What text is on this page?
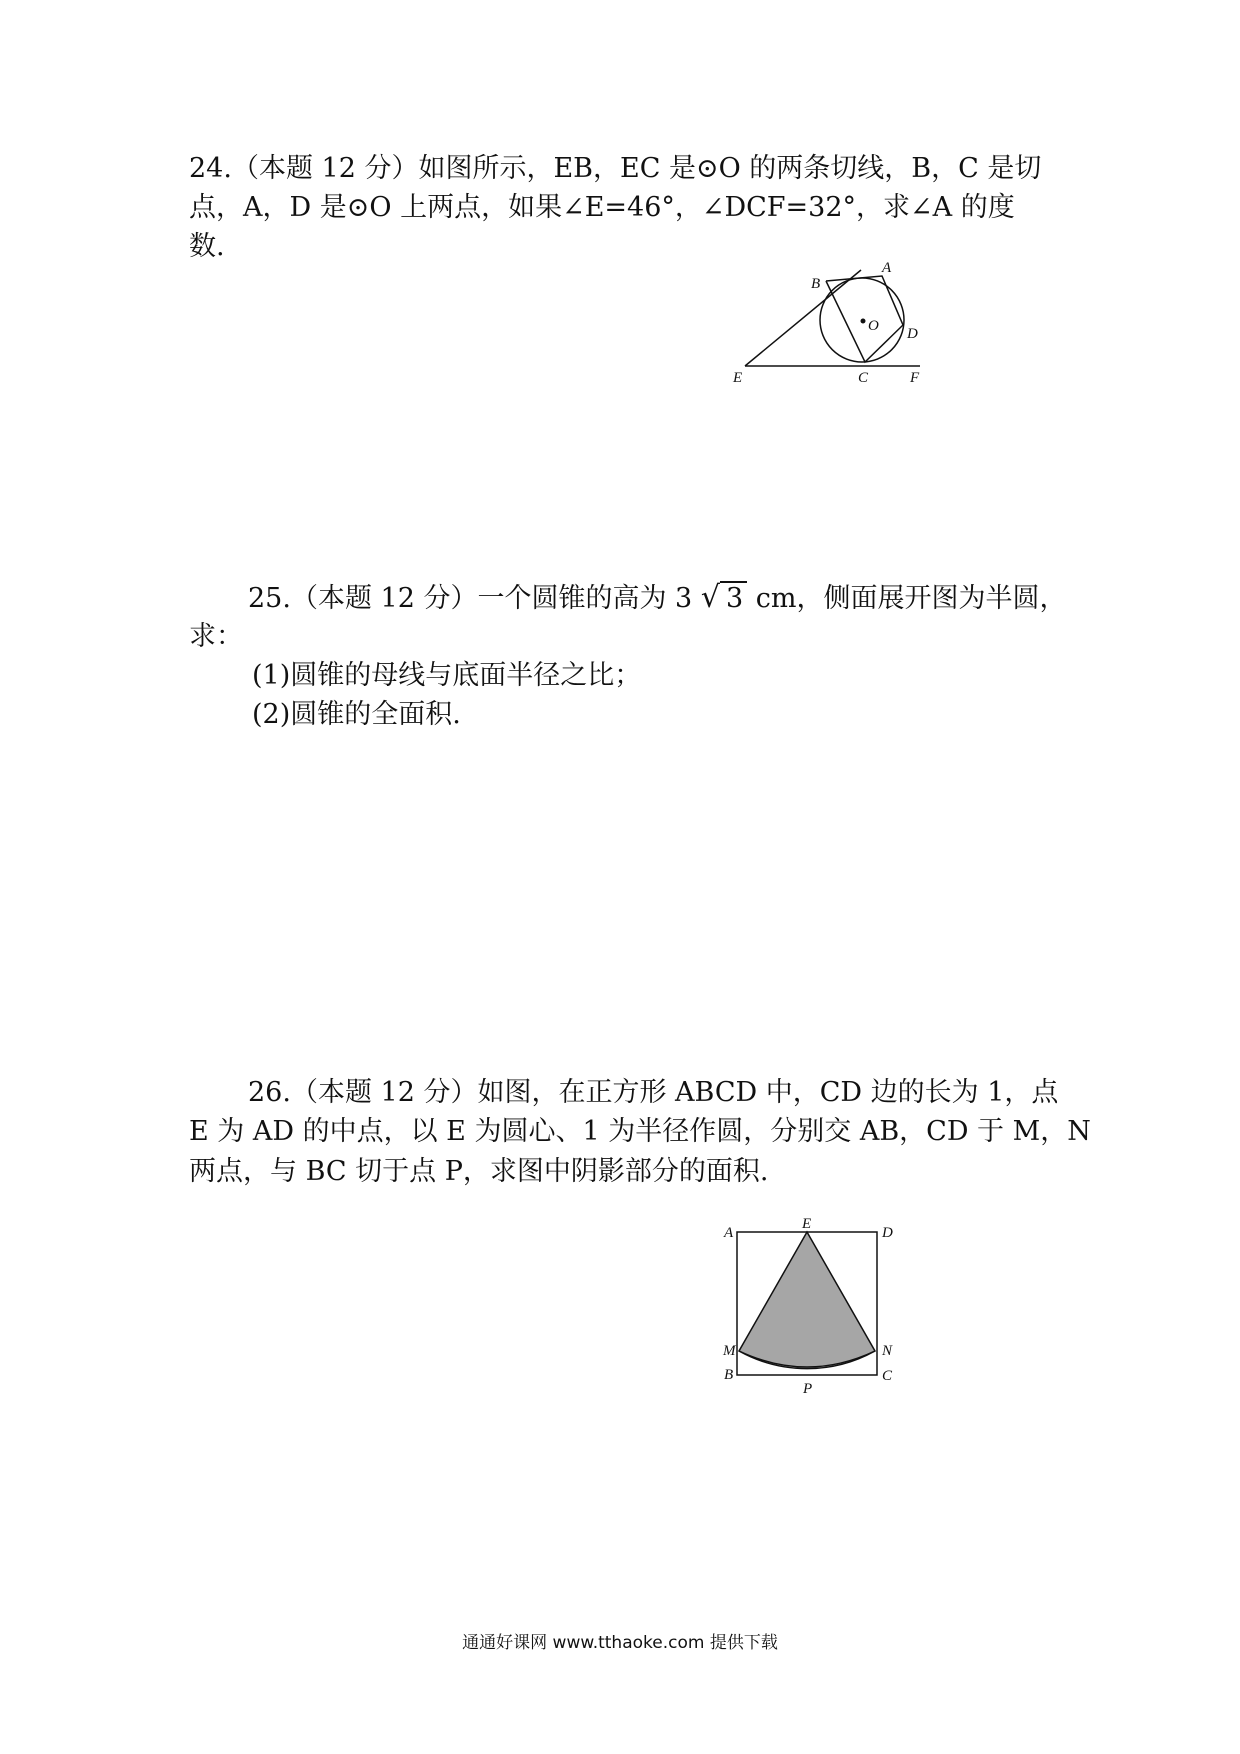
24.（本题 12 分）如图所示，EB，EC 是⊙O 的两条切线，B，C 是切
点，A，D 是⊙O 上两点，如果∠E=46°，∠DCF=32°，求∠A 的度
数.
A
B
C
D
E	F
O
25.（本题 12 分）一个圆锥的高为 3 √ 3 cm，侧面展开图为半圆，
求：
(1)圆锥的母线与底面半径之比；
(2)圆锥的全面积.
26.（本题 12 分）如图，在正方形 ABCD 中，CD 边的长为 1，点
E 为 AD 的中点，以 E 为圆心、1 为半径作圆，分别交 AB，CD 于 M，N
两点，与 BC 切于点 P，求图中阴影部分的面积.
A
E
D
M	N
B	C
P
通通好课网 www.tthaoke.com 提供下载
